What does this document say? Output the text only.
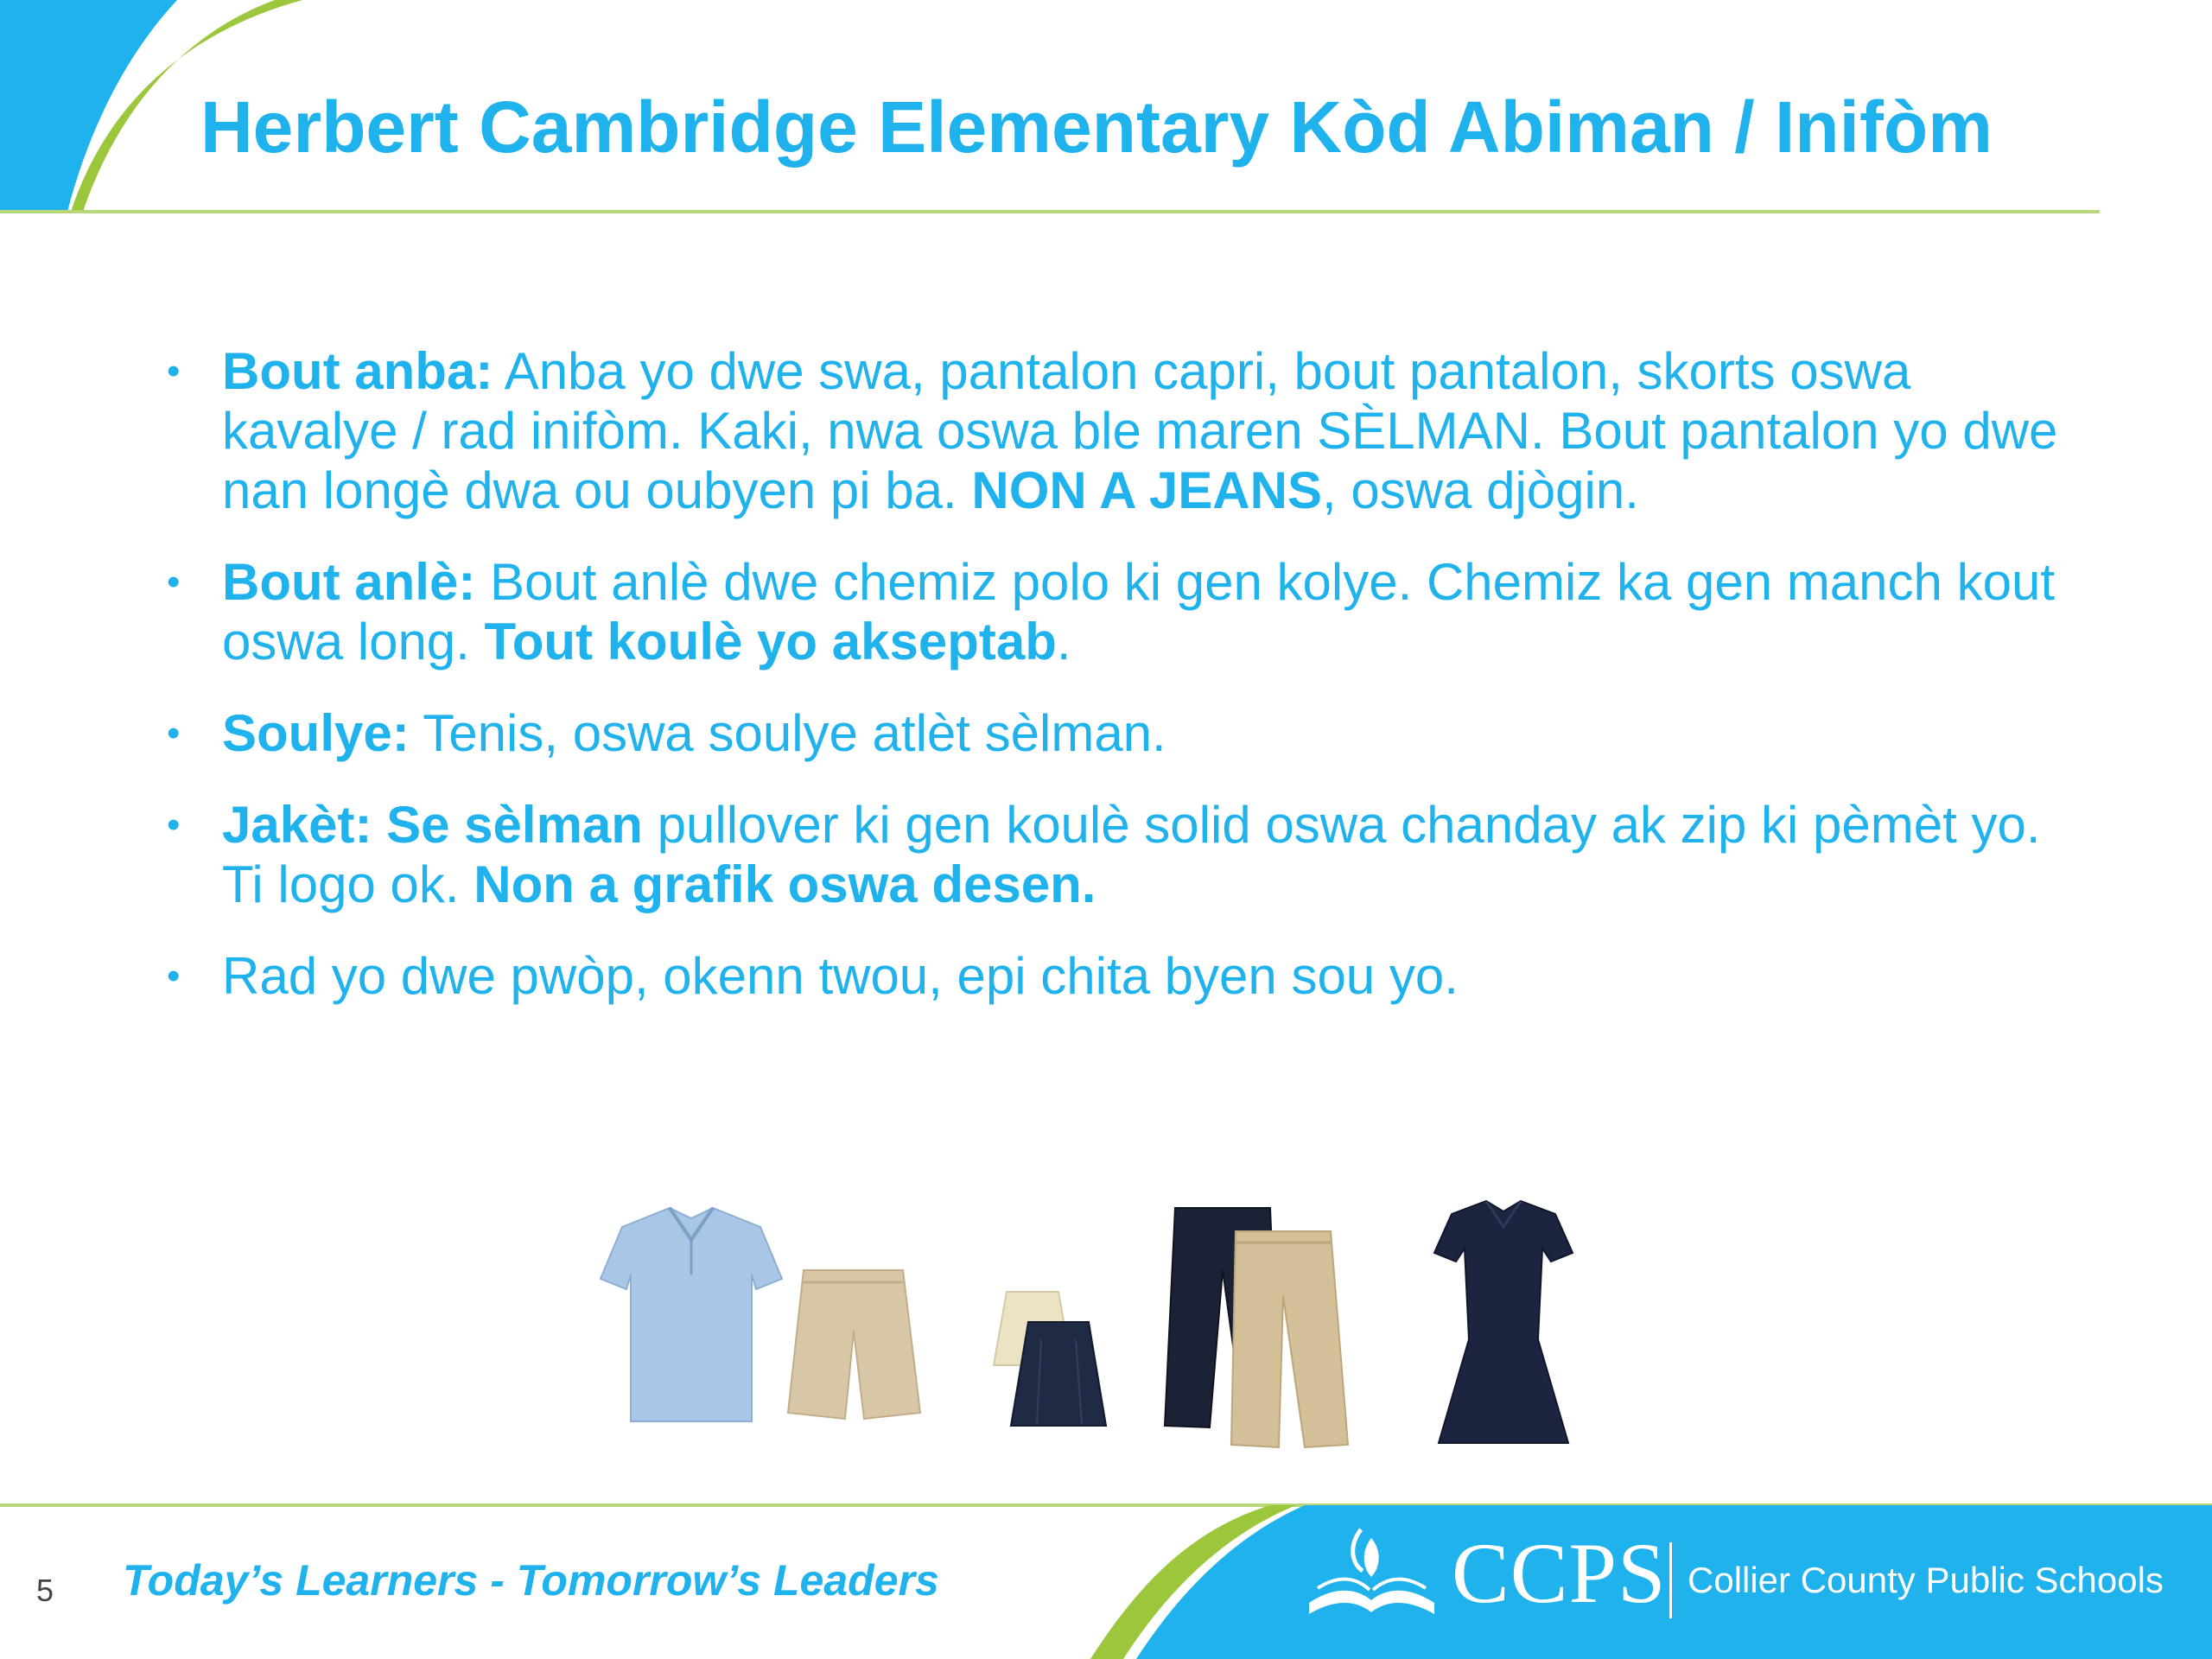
Herbert Cambridge Elementary Kòd Abiman / Inifòm
• Bout anba: Anba yo dwe swa, pantalon capri, bout pantalon, skorts oswa kavalye / rad inifòm. Kaki, nwa oswa ble maren SÈLMAN. Bout pantalon yo dwe nan longè dwa ou oubyen pi ba. NON A JEANS, oswa djògin.
• Bout anlè: Bout anlè dwe chemiz polo ki gen kolye. Chemiz ka gen manch kout oswa long. Tout koulè yo akseptab.
• Soulye: Tenis, oswa soulye atlèt sèlman.
• Jakèt: Se sèlman pullover ki gen koulè solid oswa chanday ak zip ki pèmèt yo. Ti logo ok. Non a grafik oswa desen.
• Rad yo dwe pwòp, okenn twou, epi chita byen sou yo.
5 Today’s Learners - Tomorrow’s Leaders	CCPS Collier County Public Schools
